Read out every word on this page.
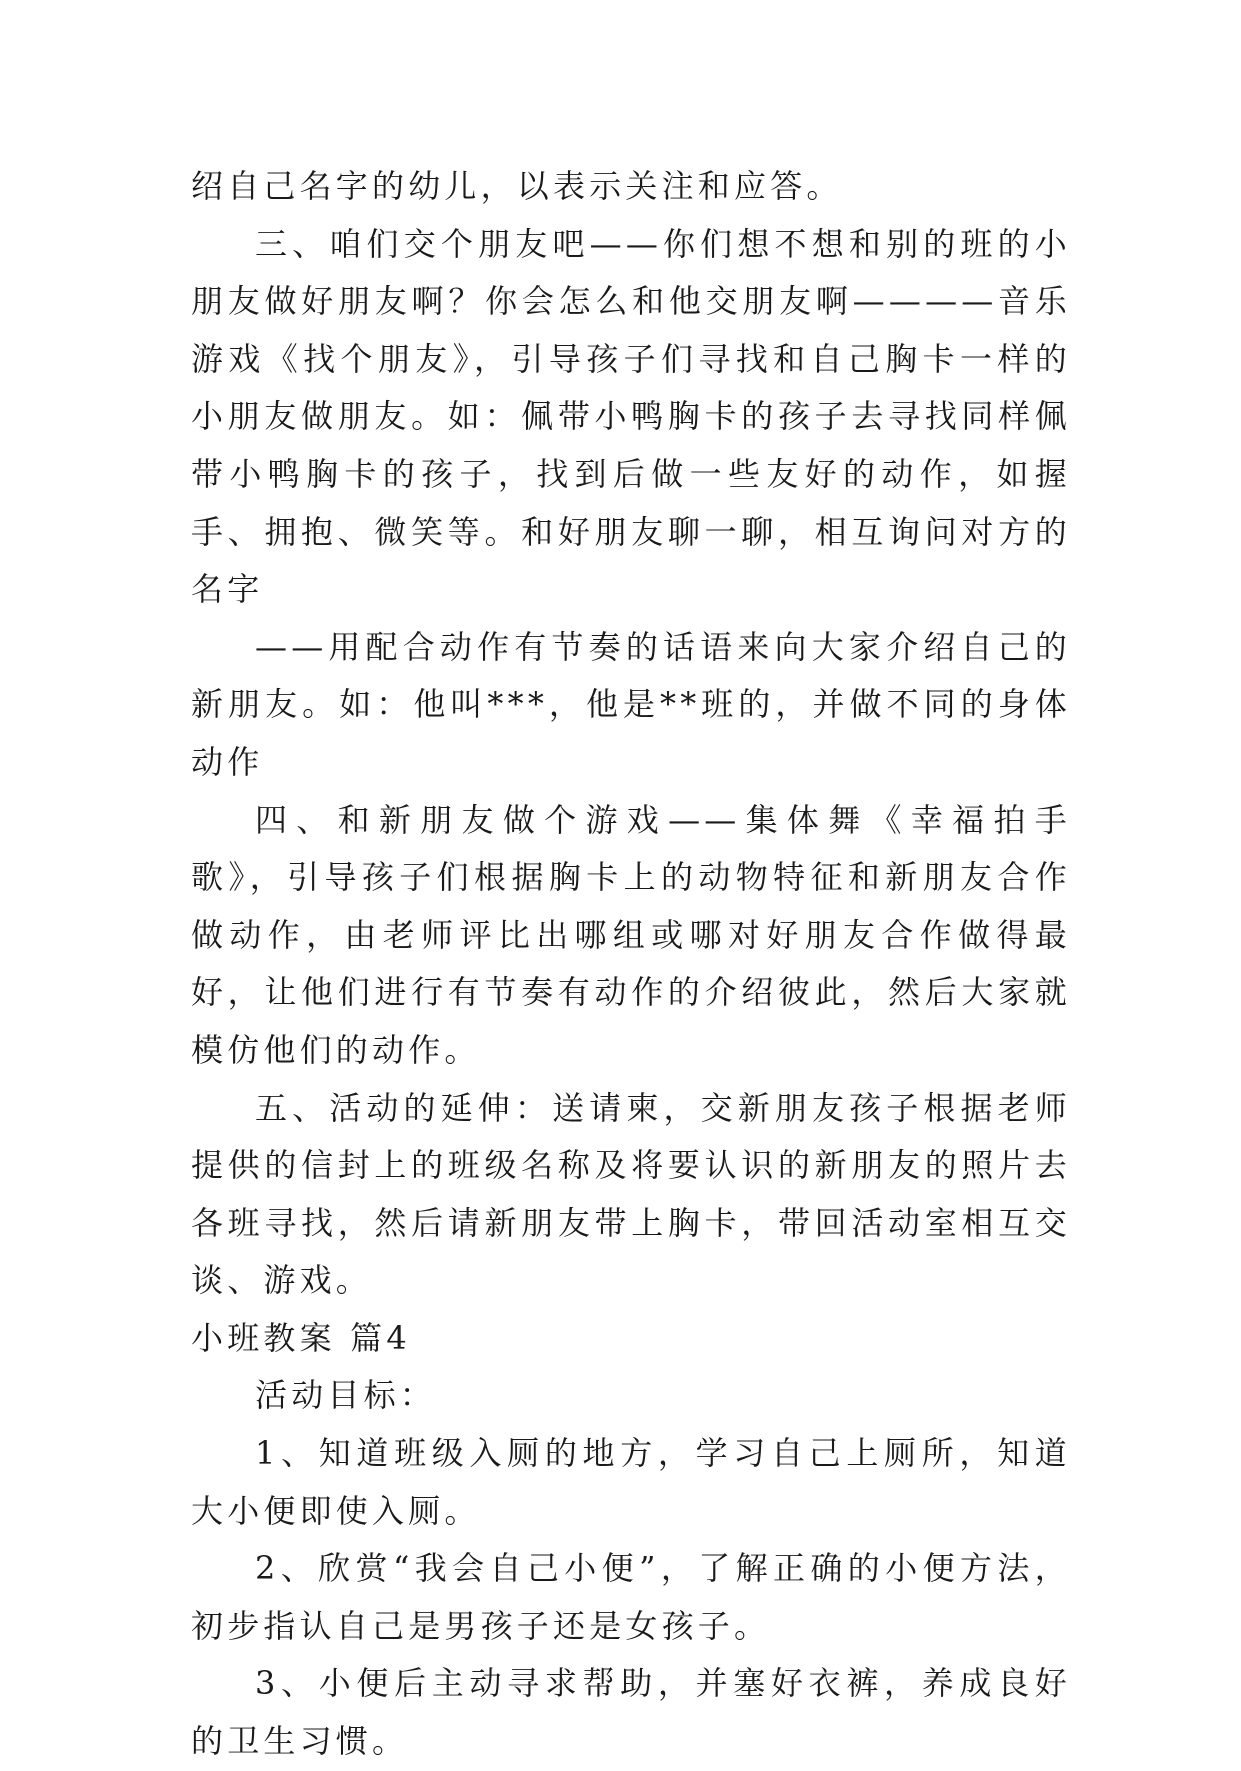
绍自己名字的幼儿，以表示关注和应答。

三、咱们交个朋友吧——你们想不想和别的班的小朋友做好朋友啊？你会怎么和他交朋友啊————音乐游戏《找个朋友》，引导孩子们寻找和自己胸卡一样的小朋友做朋友。如：佩带小鸭胸卡的孩子去寻找同样佩带小鸭胸卡的孩子，找到后做一些友好的动作，如握手、拥抱、微笑等。和好朋友聊一聊，相互询问对方的名字

——用配合动作有节奏的话语来向大家介绍自己的新朋友。如：他叫***，他是**班的，并做不同的身体动作

四、和新朋友做个游戏——集体舞《幸福拍手歌》，引导孩子们根据胸卡上的动物特征和新朋友合作做动作，由老师评比出哪组或哪对好朋友合作做得最好，让他们进行有节奏有动作的介绍彼此，然后大家就模仿他们的动作。

五、活动的延伸：送请柬，交新朋友孩子根据老师提供的信封上的班级名称及将要认识的新朋友的照片去各班寻找，然后请新朋友带上胸卡，带回活动室相互交谈、游戏。

小班教案 篇4

活动目标：

1、知道班级入厕的地方，学习自己上厕所，知道大小便即使入厕。

2、欣赏“我会自己小便”，了解正确的小便方法，初步指认自己是男孩子还是女孩子。

3、小便后主动寻求帮助，并塞好衣裤，养成良好的卫生习惯。
